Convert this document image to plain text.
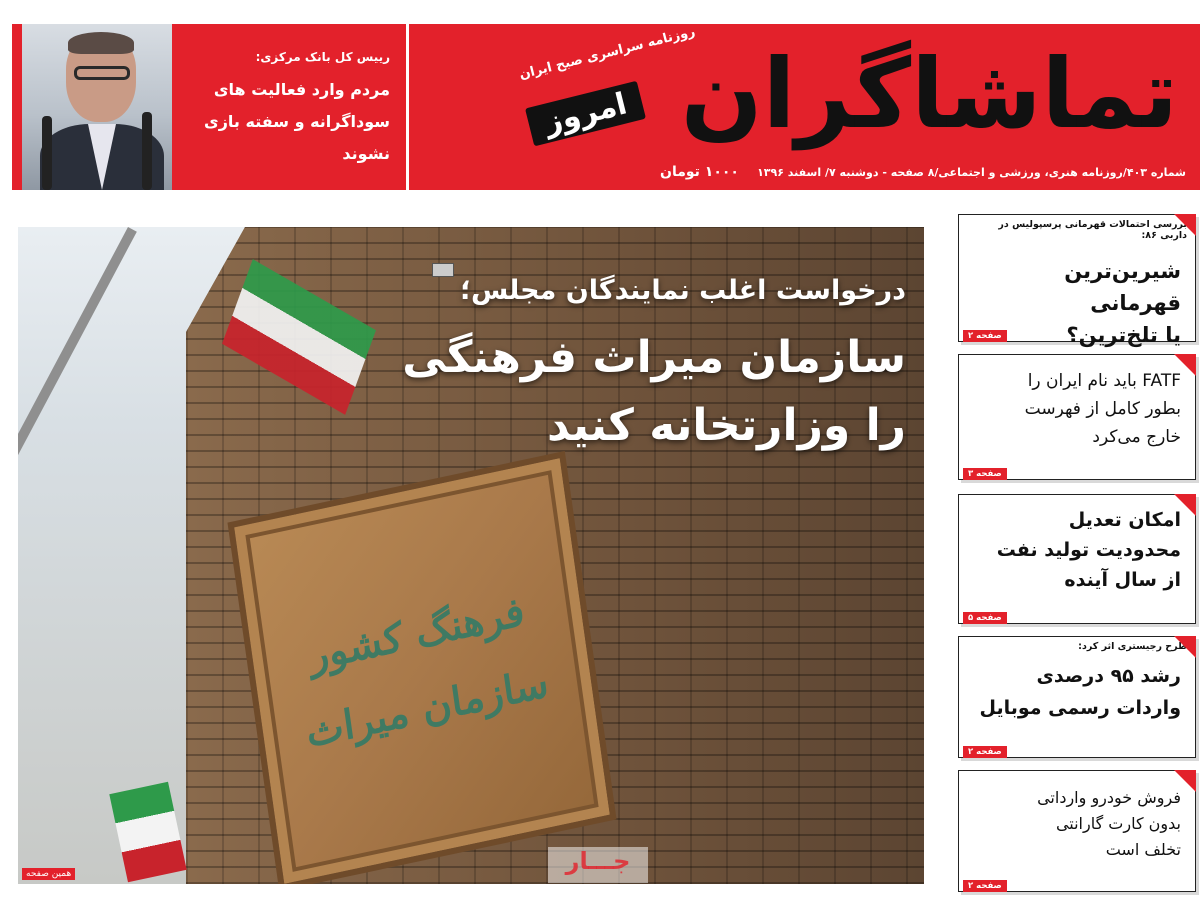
رییس کل بانک مرکزی:
مردم وارد فعالیت های
سوداگرانه و سفته بازی نشوند
صفحه ۳
روزنامه سراسری صبح ایران
امروز تماشاگران
شماره ۴۰۳/روزنامه هنری، ورزشی و اجتماعی/۸ صفحه - دوشنبه ۷/ اسفند ۱۳۹۶
۱۰۰۰ تومان
فرهنگ کشور
سازمان میراث
درخواست اغلب نمایندگان مجلس؛
سازمان میراث فرهنگی
را وزارتخانه کنید
جـــار
همین صفحه
بررسی احتمالات قهرمانی پرسپولیس در داربی ۸۶:
شیرین‌ترین قهرمانی
یا تلخ‌ترین؟
صفحه ۲
FATF باید نام ایران را
بطور کامل از فهرست
خارج می‌کرد
صفحه ۳
امکان تعدیل
محدودیت تولید نفت
از سال آینده
صفحه ۵
طرح رجیستری اثر کرد:
رشد ۹۵ درصدی
واردات رسمی موبایل
صفحه ۲
فروش خودرو وارداتی
بدون کارت گارانتی
تخلف است
صفحه ۲
